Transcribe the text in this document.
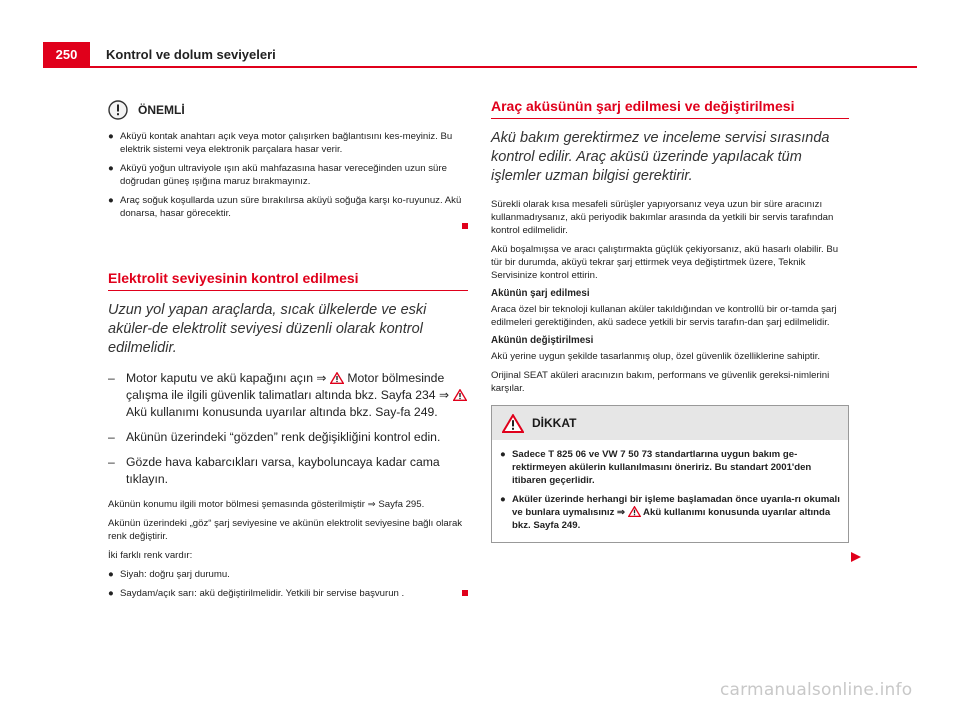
250	Kontrol ve dolum seviyeleri
ÖNEMLİ
● Aküyü kontak anahtarı açık veya motor çalışırken bağlantısını kes-meyiniz. Bu elektrik sistemi veya elektronik parçalara hasar verir.
● Aküyü yoğun ultraviyole ışın akü mahfazasına hasar vereceğinden uzun süre doğrudan güneş ışığına maruz bırakmayınız.
● Araç soğuk koşullarda uzun süre bırakılırsa aküyü soğuğa karşı ko-ruyunuz. Akü donarsa, hasar görecektir.
Elektrolit seviyesinin kontrol edilmesi

Uzun yol yapan araçlarda, sıcak ülkelerde ve eski aküler-de elektrolit seviyesi düzenli olarak kontrol edilmelidir.

– Motor kaputu ve akü kapağını açın ⇒  Motor bölmesinde çalışma ile ilgili güvenlik talimatları altında bkz. Sayfa 234 ⇒  Akü kullanımı konusunda uyarılar altında bkz. Say-fa 249.
– Akünün üzerindeki “gözden” renk değişikliğini kontrol edin.
– Gözde hava kabarcıkları varsa, kayboluncaya kadar cama tıklayın.

Akünün konumu ilgili motor bölmesi şemasında gösterilmiştir ⇒ Sayfa 295.

Akünün üzerindeki „göz“ şarj seviyesine ve akünün elektrolit seviyesine bağlı olarak renk değiştirir.

İki farklı renk vardır:

● Siyah: doğru şarj durumu.
● Saydam/açık sarı: akü değiştirilmelidir. Yetkili bir servise başvurun .
Araç aküsünün şarj edilmesi ve değiştirilmesi

Akü bakım gerektirmez ve inceleme servisi sırasında kontrol edilir. Araç aküsü üzerinde yapılacak tüm işlemler uzman bilgisi gerektirir.

Sürekli olarak kısa mesafeli sürüşler yapıyorsanız veya uzun bir süre aracınızı kullanmadıysanız, akü periyodik bakımlar arasında da yetkili bir servis tarafından kontrol edilmelidir.

Akü boşalmışsa ve aracı çalıştırmakta güçlük çekiyorsanız, akü hasarlı olabilir. Bu tür bir durumda, aküyü tekrar şarj ettirmek veya değiştirtmek üzere, Teknik Servisinize kontrol ettirin.

Akünün şarj edilmesi

Araca özel bir teknoloji kullanan aküler takıldığından ve kontrollü bir or-tamda şarj edilmeleri gerektiğinden, akü sadece yetkili bir servis tarafın-dan şarj edilmelidir.

Akünün değiştirilmesi

Akü yerine uygun şekilde tasarlanmış olup, özel güvenlik özelliklerine sahiptir.

Orijinal SEAT aküleri aracınızın bakım, performans ve güvenlik gereksi-nimlerini karşılar.

DİKKAT
● Sadece T 825 06 ve VW 7 50 73 standartlarına uygun bakım ge-rektirmeyen akülerin kullanılmasını öneririz. Bu standart 2001'den itibaren geçerlidir.
● Aküler üzerinde herhangi bir işleme başlamadan önce uyarıla-rı okumalı ve bunlara uymalısınız ⇒  Akü kullanımı konusunda uyarılar altında bkz. Sayfa 249.
carmanualsonline.info
